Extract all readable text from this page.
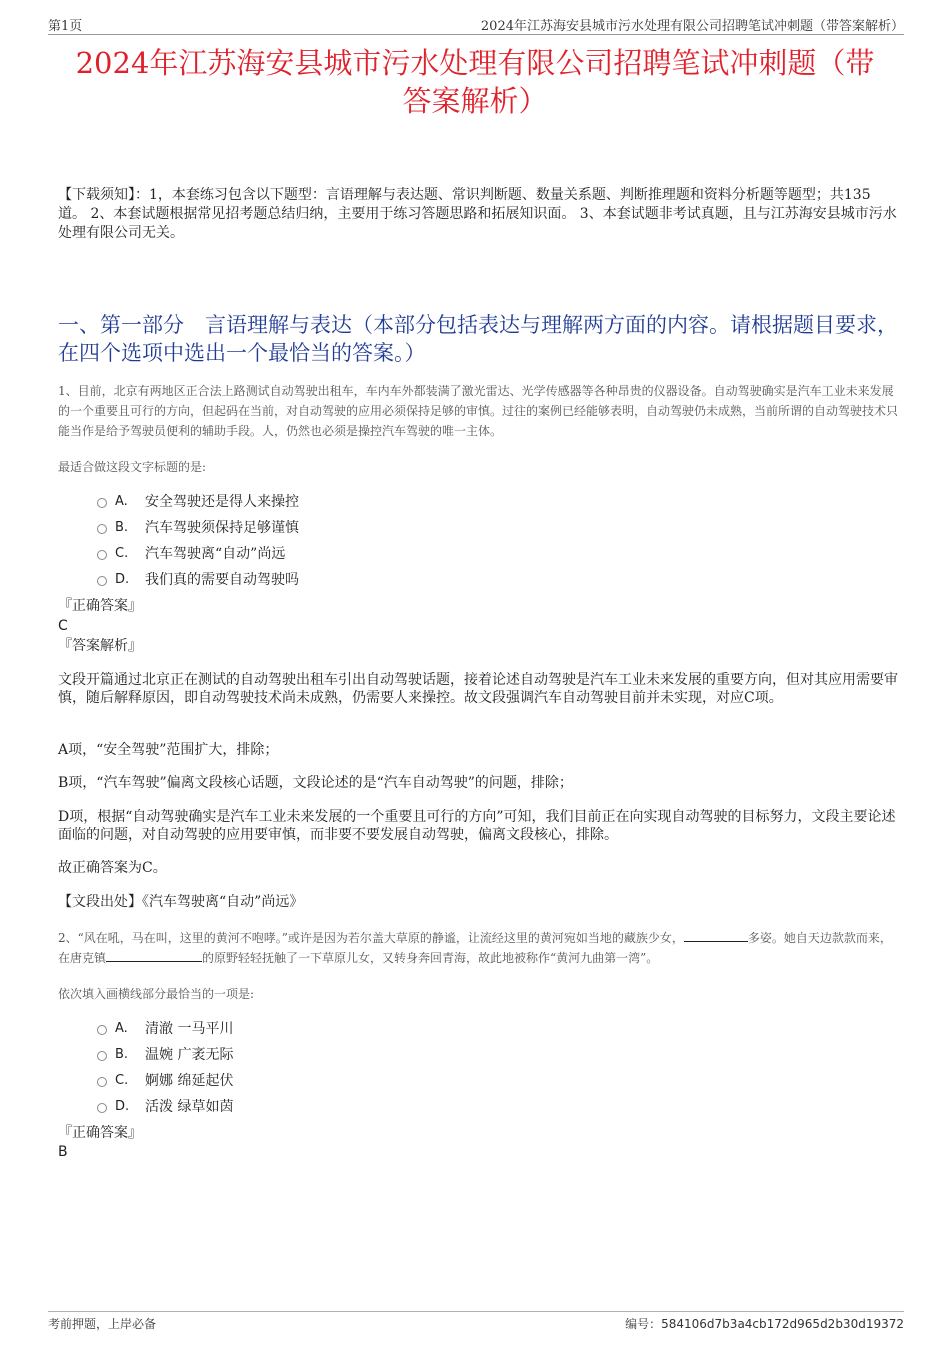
第1页	2024年江苏海安县城市污水处理有限公司招聘笔试冲刺题（带答案解析）
2024年江苏海安县城市污水处理有限公司招聘笔试冲刺题（带
答案解析）
【下载须知】：1，本套练习包含以下题型：言语理解与表达题、常识判断题、数量关系题、判断推理题和资料分析题等题型；共135道。 2、本套试题根据常见招考题总结归纳，主要用于练习答题思路和拓展知识面。 3、本套试题非考试真题，且与江苏海安县城市污水处理有限公司无关。
一、第一部分　言语理解与表达（本部分包括表达与理解两方面的内容。请根据题目要求，在四个选项中选出一个最恰当的答案。）
1、目前，北京有两地区正合法上路测试自动驾驶出租车，车内车外都装满了激光雷达、光学传感器等各种昂贵的仪器设备。自动驾驶确实是汽车工业未来发展的一个重要且可行的方向，但起码在当前，对自动驾驶的应用必须保持足够的审慎。过往的案例已经能够表明，自动驾驶仍未成熟，当前所谓的自动驾驶技术只能当作是给予驾驶员便利的辅助手段。人，仍然也必须是操控汽车驾驶的唯一主体。
最适合做这段文字标题的是:
A.	安全驾驶还是得人来操控
B.	汽车驾驶须保持足够谨慎
C.	汽车驾驶离“自动”尚远
D.	我们真的需要自动驾驶吗
『正确答案』
C
『答案解析』
文段开篇通过北京正在测试的自动驾驶出租车引出自动驾驶话题，接着论述自动驾驶是汽车工业未来发展的重要方向，但对其应用需要审慎，随后解释原因，即自动驾驶技术尚未成熟，仍需要人来操控。故文段强调汽车自动驾驶目前并未实现，对应C项。
A项，“安全驾驶”范围扩大，排除；
B项，“汽车驾驶”偏离文段核心话题，文段论述的是“汽车自动驾驶”的问题，排除；
D项，根据“自动驾驶确实是汽车工业未来发展的一个重要且可行的方向”可知，我们目前正在向实现自动驾驶的目标努力，文段主要论述面临的问题，对自动驾驶的应用要审慎，而非要不要发展自动驾驶，偏离文段核心，排除。
故正确答案为C。
【文段出处】《汽车驾驶离“自动”尚远》
2、“风在吼，马在叫，这里的黄河不咆哮。”或许是因为若尔盖大草原的静谧，让流经这里的黄河宛如当地的藏族少女，	多姿。她自天边款款而来，在唐克镇	的原野轻轻抚触了一下草原儿女，又转身奔回青海，故此地被称作“黄河九曲第一湾”。
依次填入画横线部分最恰当的一项是:
A.	清澈 一马平川
B.	温婉 广袤无际
C.	婀娜 绵延起伏
D.	活泼 绿草如茵
『正确答案』
B
考前押题，上岸必备	编号：584106d7b3a4cb172d965d2b30d19372
